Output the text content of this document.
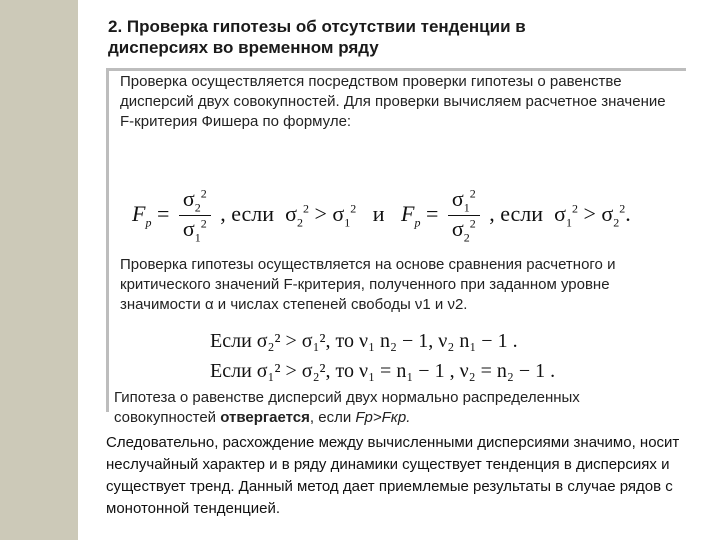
2. Проверка гипотезы об отсутствии тенденции в дисперсиях во временном ряду
Проверка осуществляется посредством проверки гипотезы о равенстве дисперсий двух совокупностей. Для проверки вычисляем расчетное значение F-критерия Фишера по формуле:
$F_p = \frac{\sigma_2^2}{\sigma_1^2}$ , если $\sigma_2^2 > \sigma_1^2$ и $F_p = \frac{\sigma_1^2}{\sigma_2^2}$ , если $\sigma_1^2 > \sigma_2^2$.
Проверка гипотезы осуществляется на основе сравнения расчетного и критического значений F-критерия, полученного при заданном уровне значимости α и числах степеней свободы ν1 и ν2.
Если σ₂² > σ₁², то ν₁ n₂ − 1, ν₂ n₁ − 1 .
Если σ₁² > σ₂², то ν₁ = n₁ − 1 , ν₂ = n₂ − 1 .
Гипотеза о равенстве дисперсий двух нормально распределенных совокупностей отвергается, если Fр>Fкр.
Следовательно, расхождение между вычисленными дисперсиями значимо, носит неслучайный характер и в ряду динамики существует тенденция в дисперсиях и существует тренд. Данный метод дает приемлемые результаты в случае рядов с монотонной тенденцией.
